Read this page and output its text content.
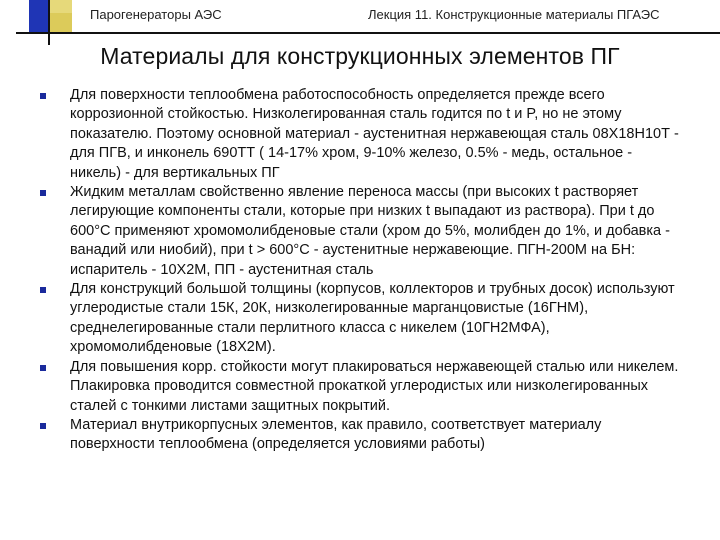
Парогенераторы АЭС	Лекция 11. Конструкционные материалы ПГАЭС
Материалы для конструкционных элементов ПГ
Для поверхности теплообмена работоспособность определяется прежде всего коррозионной стойкостью. Низколегированная сталь годится по t и P, но не этому показателю. Поэтому основной материал - аустенитная нержавеющая сталь 08Х18Н10Т - для ПГВ, и инконель 690ТТ ( 14-17% хром, 9-10% железо, 0.5% - медь, остальное - никель) - для вертикальных ПГ
Жидким металлам свойственно явление переноса массы (при высоких t растворяет легирующие компоненты стали, которые при низких t выпадают из раствора). При t до 600°С применяют хромомолибденовые стали (хром до 5%, молибден до 1%, и добавка - ванадий или ниобий), при t > 600°С - аустенитные нержавеющие. ПГН-200М на БН: испаритель - 10Х2М, ПП - аустенитная сталь
Для конструкций большой толщины (корпусов, коллекторов и трубных досок) используют углеродистые стали 15К, 20К, низколегированные марганцовистые (16ГНМ), среднелегированные стали перлитного класса с никелем (10ГН2МФА), хромомолибденовые (18Х2М).
Для повышения корр. стойкости могут плакироваться нержавеющей сталью или никелем. Плакировка проводится совместной прокаткой углеродистых или низколегированных сталей с тонкими листами защитных покрытий.
Материал внутрикорпусных элементов, как правило, соответствует материалу поверхности теплообмена (определяется условиями работы)
